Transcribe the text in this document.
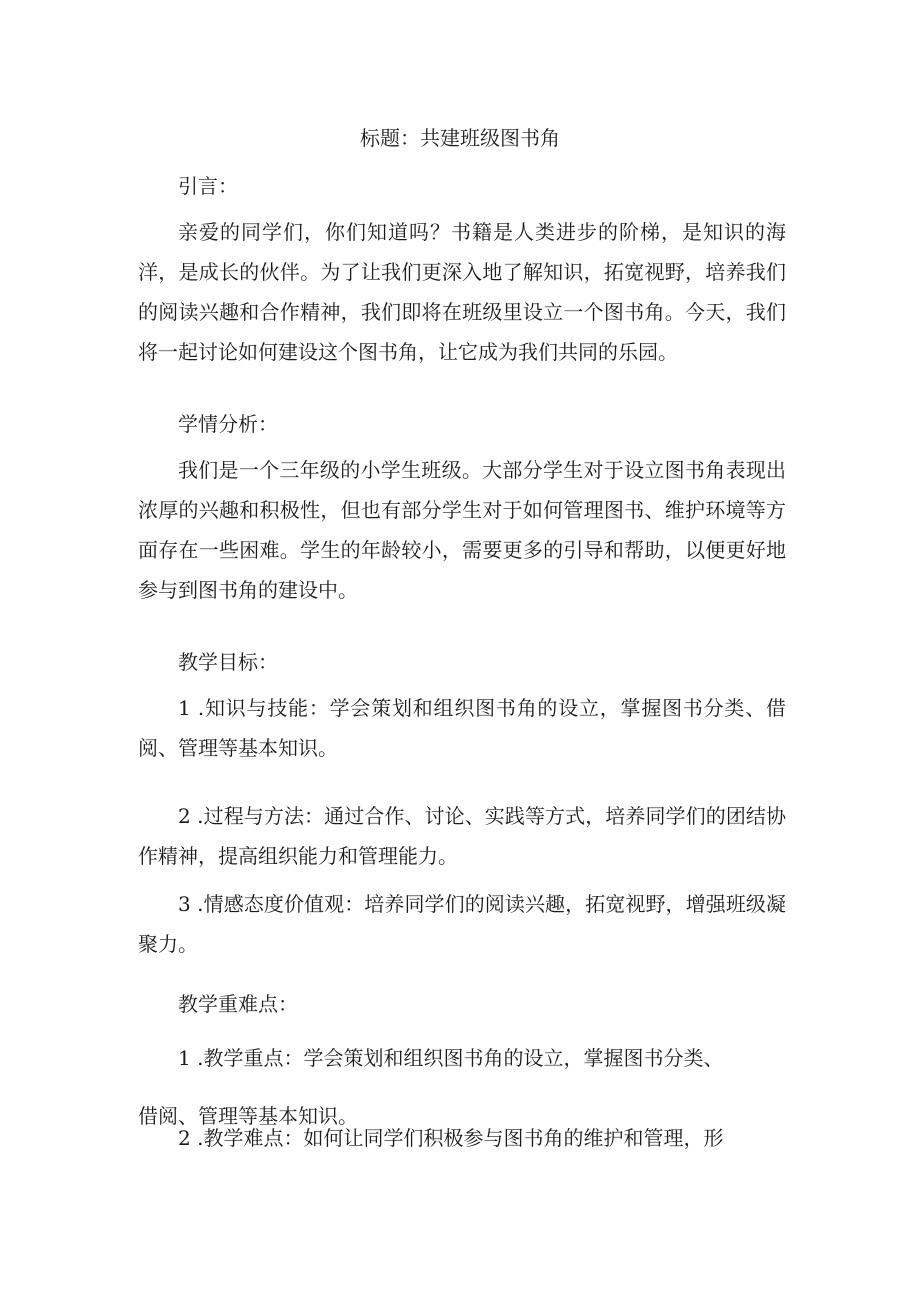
标题：共建班级图书角

引言：

亲爱的同学们，你们知道吗？书籍是人类进步的阶梯，是知识的海洋，是成长的伙伴。为了让我们更深入地了解知识，拓宽视野，培养我们的阅读兴趣和合作精神，我们即将在班级里设立一个图书角。今天，我们将一起讨论如何建设这个图书角，让它成为我们共同的乐园。

学情分析：

我们是一个三年级的小学生班级。大部分学生对于设立图书角表现出浓厚的兴趣和积极性，但也有部分学生对于如何管理图书、维护环境等方面存在一些困难。学生的年龄较小，需要更多的引导和帮助，以便更好地参与到图书角的建设中。

教学目标：

1 .知识与技能：学会策划和组织图书角的设立，掌握图书分类、借阅、管理等基本知识。

2 .过程与方法：通过合作、讨论、实践等方式，培养同学们的团结协作精神，提高组织能力和管理能力。

3 .情感态度价值观：培养同学们的阅读兴趣，拓宽视野，增强班级凝聚力。

教学重难点：

1 .教学重点：学会策划和组织图书角的设立，掌握图书分类、

借阅、管理等基本知识。

2 .教学难点：如何让同学们积极参与图书角的维护和管理，形
